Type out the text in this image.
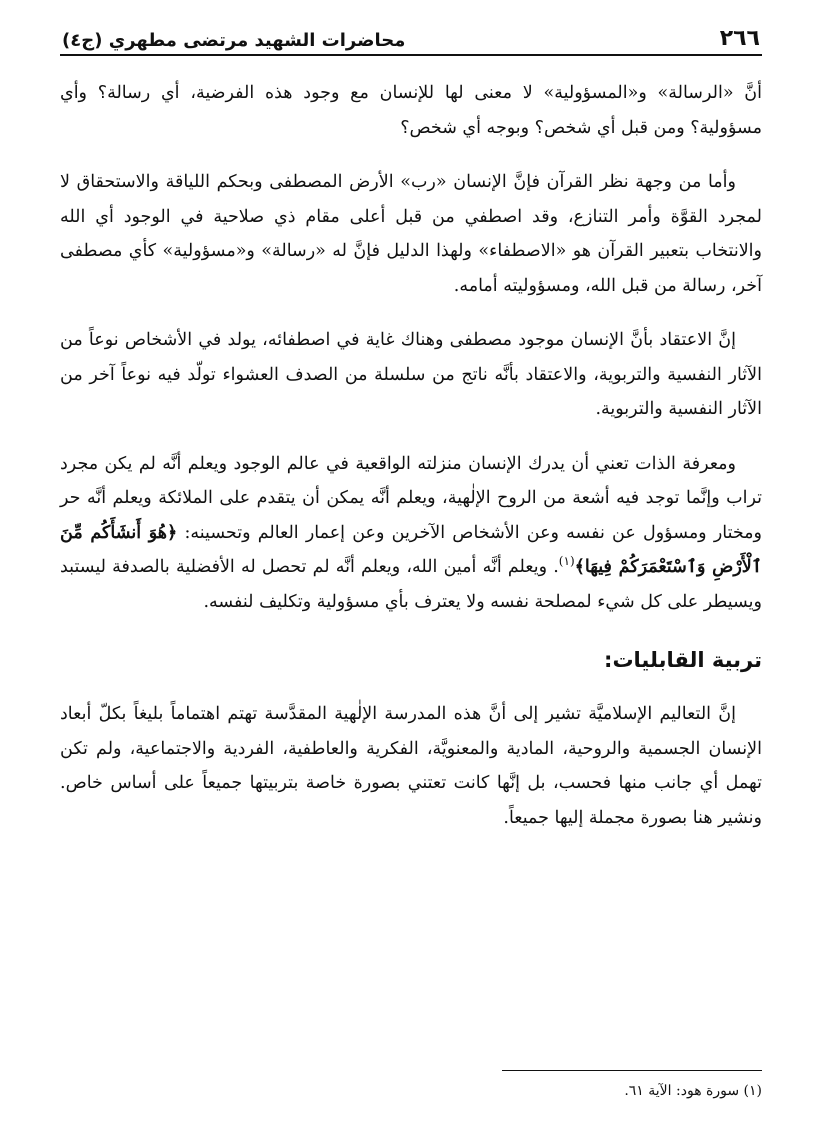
٢٦٦
محاضرات الشهيد مرتضى مطهري (ج٤)

أنَّ «الرسالة» و«المسؤولية» لا معنى لها للإنسان مع وجود هذه الفرضية، أي رسالة؟ وأي مسؤولية؟ ومن قبل أي شخص؟ وبوجه أي شخص؟

وأما من وجهة نظر القرآن فإنَّ الإنسان «رب» الأرض المصطفى وبحكم اللياقة والاستحقاق لا لمجرد القوَّة وأمر التنازع، وقد اصطفي من قبل أعلى مقام ذي صلاحية في الوجود أي الله والانتخاب بتعبير القرآن هو «الاصطفاء» ولهذا الدليل فإنَّ له «رسالة» و«مسؤولية» كأي مصطفى آخر، رسالة من قبل الله، ومسؤوليته أمامه.

إنَّ الاعتقاد بأنَّ الإنسان موجود مصطفى وهناك غاية في اصطفائه، يولد في الأشخاص نوعاً من الآثار النفسية والتربوية، والاعتقاد بأنَّه ناتج من سلسلة من الصدف العشواء تولّد فيه نوعاً آخر من الآثار النفسية والتربوية.

ومعرفة الذات تعني أن يدرك الإنسان منزلته الواقعية في عالم الوجود ويعلم أنَّه لم يكن مجرد تراب وإنَّما توجد فيه أشعة من الروح الإلٰهية، ويعلم أنَّه يمكن أن يتقدم على الملائكة ويعلم أنَّه حر ومختار ومسؤول عن نفسه وعن الأشخاص الآخرين وعن إعمار العالم وتحسينه: ﴿هُوَ أَنشَأَكُم مِّنَ ٱلْأَرْضِ وَٱسْتَعْمَرَكُمْ فِيهَا﴾$^{(١)}$. ويعلم أنَّه أمين الله، ويعلم أنَّه لم تحصل له الأفضلية بالصدفة ليستبد ويسيطر على كل شيء لمصلحة نفسه ولا يعترف بأي مسؤولية وتكليف لنفسه.

تربية القابليات:

إنَّ التعاليم الإسلاميَّة تشير إلى أنَّ هذه المدرسة الإلٰهية المقدَّسة تهتم اهتماماً بليغاً بكلّ أبعاد الإنسان الجسمية والروحية، المادية والمعنويَّة، الفكرية والعاطفية، الفردية والاجتماعية، ولم تكن تهمل أي جانب منها فحسب، بل إنَّها كانت تعتني بصورة خاصة بتربيتها جميعاً على أساس خاص. ونشير هنا بصورة مجملة إليها جميعاً.

(١) سورة هود: الآية ٦١.
